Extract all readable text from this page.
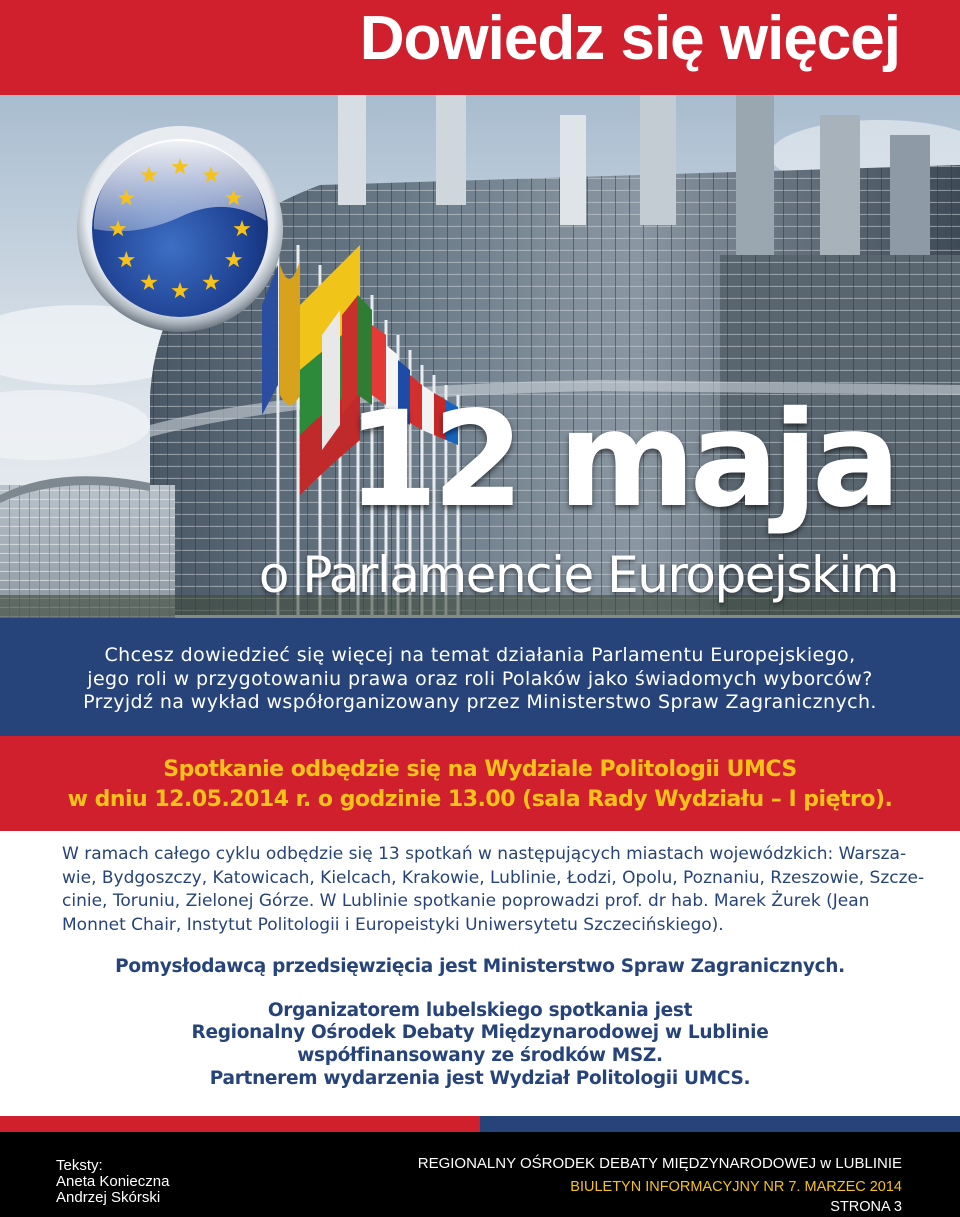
Dowiedz się więcej
12 maja
o Parlamencie Europejskim
Chcesz dowiedzieć się więcej na temat działania Parlamentu Europejskiego,
jego roli w przygotowaniu prawa oraz roli Polaków jako świadomych wyborców?
Przyjdź na wykład współorganizowany przez Ministerstwo Spraw Zagranicznych.
Spotkanie odbędzie się na Wydziale Politologii UMCS
w dniu 12.05.2014 r. o godzinie 13.00 (sala Rady Wydziału – I piętro).
W ramach całego cyklu odbędzie się 13 spotkań w następujących miastach wojewódzkich: Warsza-
wie, Bydgoszczy, Katowicach, Kielcach, Krakowie, Lublinie, Łodzi, Opolu, Poznaniu, Rzeszowie, Szcze-
cinie, Toruniu, Zielonej Górze. W Lublinie spotkanie poprowadzi prof. dr hab. Marek Żurek (Jean
Monnet Chair, Instytut Politologii i Europeistyki Uniwersytetu Szczecińskiego).
Pomysłodawcą przedsięwzięcia jest Ministerstwo Spraw Zagranicznych.
Organizatorem lubelskiego spotkania jest
Regionalny Ośrodek Debaty Międzynarodowej w Lublinie
współfinansowany ze środków MSZ.
Partnerem wydarzenia jest Wydział Politologii UMCS.
Teksty:
Aneta Konieczna
Andrzej Skórski
REGIONALNY OŚRODEK DEBATY MIĘDZYNARODOWEJ w LUBLINIE
BIULETYN INFORMACYJNY NR 7. MARZEC 2014
STRONA 3
